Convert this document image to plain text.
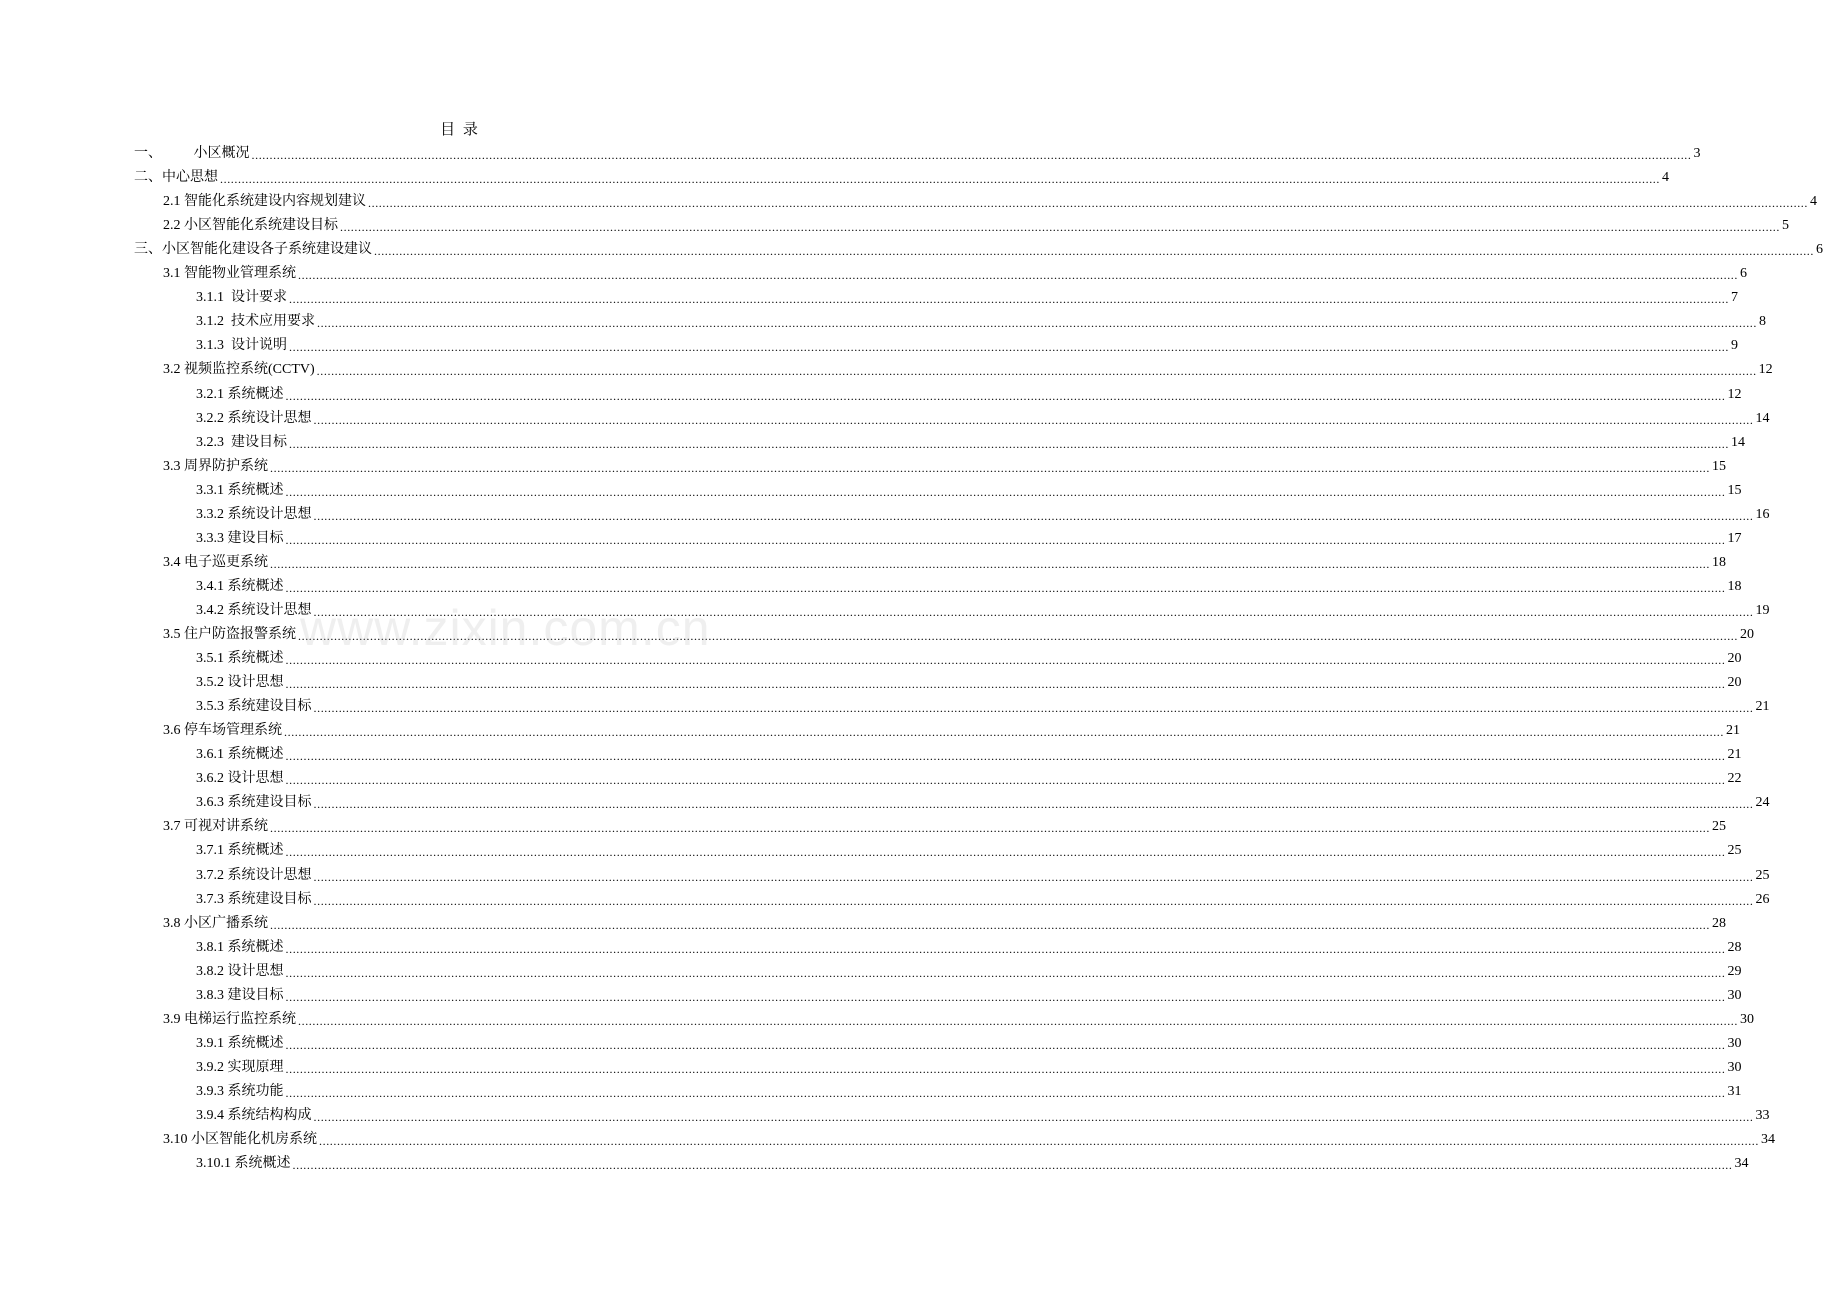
目 录
一、         小区概况 ................................................................................................................................................................................................................................................................................................................................................................................................................ 3
二、中心思想 ................................................................................................................................................................................................................................................................................................................................................................................................................ 4
2.1 智能化系统建设内容规划建议 ................................................................................................................................................................................................................................................................................................................................................................................................................ 4
2.2 小区智能化系统建设目标 ................................................................................................................................................................................................................................................................................................................................................................................................................ 5
三、小区智能化建设各子系统建设建议 ................................................................................................................................................................................................................................................................................................................................................................................................................ 6
3.1 智能物业管理系统 ................................................................................................................................................................................................................................................................................................................................................................................................................ 6
3.1.1  设计要求 ................................................................................................................................................................................................................................................................................................................................................................................................................ 7
3.1.2  技术应用要求 ................................................................................................................................................................................................................................................................................................................................................................................................................ 8
3.1.3  设计说明 ................................................................................................................................................................................................................................................................................................................................................................................................................ 9
3.2 视频监控系统(CCTV) ................................................................................................................................................................................................................................................................................................................................................................................................................ 12
3.2.1 系统概述 ................................................................................................................................................................................................................................................................................................................................................................................................................ 12
3.2.2 系统设计思想 ................................................................................................................................................................................................................................................................................................................................................................................................................ 14
3.2.3  建设目标 ................................................................................................................................................................................................................................................................................................................................................................................................................ 14
3.3 周界防护系统 ................................................................................................................................................................................................................................................................................................................................................................................................................ 15
3.3.1 系统概述 ................................................................................................................................................................................................................................................................................................................................................................................................................ 15
3.3.2 系统设计思想 ................................................................................................................................................................................................................................................................................................................................................................................................................ 16
3.3.3 建设目标 ................................................................................................................................................................................................................................................................................................................................................................................................................ 17
3.4 电子巡更系统 ................................................................................................................................................................................................................................................................................................................................................................................................................ 18
3.4.1 系统概述 ................................................................................................................................................................................................................................................................................................................................................................................................................ 18
3.4.2 系统设计思想 ................................................................................................................................................................................................................................................................................................................................................................................................................ 19
3.5 住户防盗报警系统 ................................................................................................................................................................................................................................................................................................................................................................................................................ 20
3.5.1 系统概述 ................................................................................................................................................................................................................................................................................................................................................................................................................ 20
3.5.2 设计思想 ................................................................................................................................................................................................................................................................................................................................................................................................................ 20
3.5.3 系统建设目标 ................................................................................................................................................................................................................................................................................................................................................................................................................ 21
3.6 停车场管理系统 ................................................................................................................................................................................................................................................................................................................................................................................................................ 21
3.6.1 系统概述 ................................................................................................................................................................................................................................................................................................................................................................................................................ 21
3.6.2 设计思想 ................................................................................................................................................................................................................................................................................................................................................................................................................ 22
3.6.3 系统建设目标 ................................................................................................................................................................................................................................................................................................................................................................................................................ 24
3.7 可视对讲系统 ................................................................................................................................................................................................................................................................................................................................................................................................................ 25
3.7.1 系统概述 ................................................................................................................................................................................................................................................................................................................................................................................................................ 25
3.7.2 系统设计思想 ................................................................................................................................................................................................................................................................................................................................................................................................................ 25
3.7.3 系统建设目标 ................................................................................................................................................................................................................................................................................................................................................................................................................ 26
3.8 小区广播系统 ................................................................................................................................................................................................................................................................................................................................................................................................................ 28
3.8.1 系统概述 ................................................................................................................................................................................................................................................................................................................................................................................................................ 28
3.8.2 设计思想 ................................................................................................................................................................................................................................................................................................................................................................................................................ 29
3.8.3 建设目标 ................................................................................................................................................................................................................................................................................................................................................................................................................ 30
3.9 电梯运行监控系统 ................................................................................................................................................................................................................................................................................................................................................................................................................ 30
3.9.1 系统概述 ................................................................................................................................................................................................................................................................................................................................................................................................................ 30
3.9.2 实现原理 ................................................................................................................................................................................................................................................................................................................................................................................................................ 30
3.9.3 系统功能 ................................................................................................................................................................................................................................................................................................................................................................................................................ 31
3.9.4 系统结构构成 ................................................................................................................................................................................................................................................................................................................................................................................................................ 33
3.10 小区智能化机房系统 ................................................................................................................................................................................................................................................................................................................................................................................................................ 34
3.10.1 系统概述 ................................................................................................................................................................................................................................................................................................................................................................................................................ 34
www.zixin.com.cn
